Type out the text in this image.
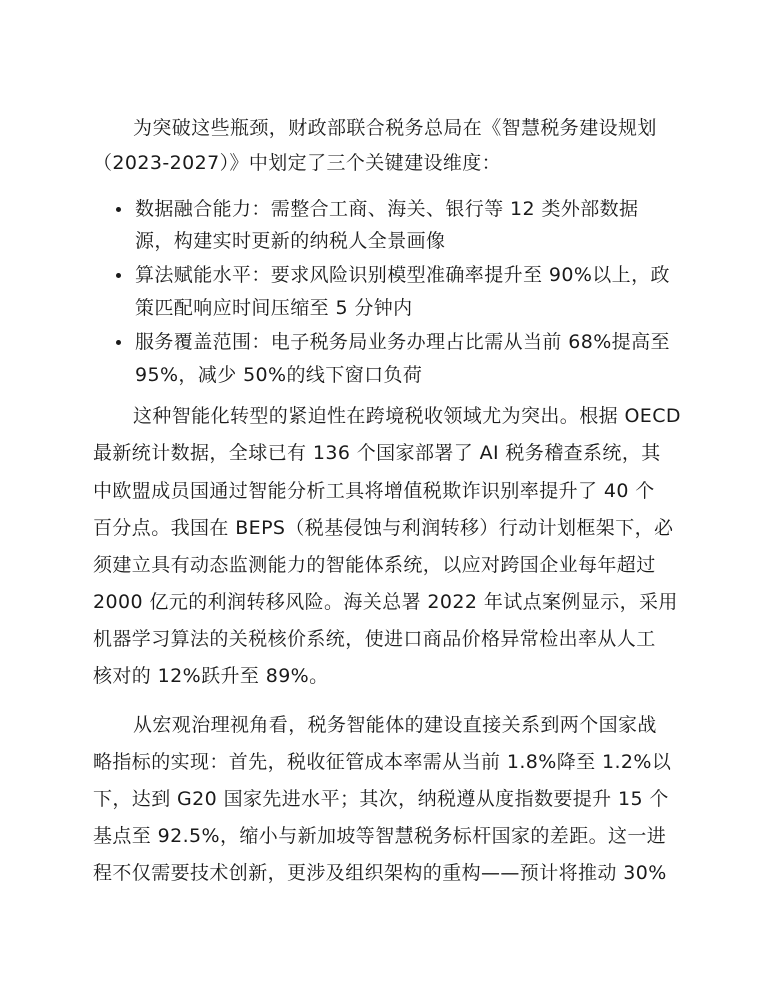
为突破这些瓶颈，财政部联合税务总局在《智慧税务建设规划
（2023-2027）》中划定了三个关键建设维度：
数据融合能力：需整合工商、海关、银行等 12 类外部数据
源，构建实时更新的纳税人全景画像
算法赋能水平：要求风险识别模型准确率提升至 90%以上，政
策匹配响应时间压缩至 5 分钟内
服务覆盖范围：电子税务局业务办理占比需从当前 68%提高至
95%，减少 50%的线下窗口负荷
这种智能化转型的紧迫性在跨境税收领域尤为突出。根据 OECD
最新统计数据，全球已有 136 个国家部署了 AI 税务稽查系统，其
中欧盟成员国通过智能分析工具将增值税欺诈识别率提升了 40 个
百分点。我国在 BEPS（税基侵蚀与利润转移）行动计划框架下，必
须建立具有动态监测能力的智能体系统，以应对跨国企业每年超过
2000 亿元的利润转移风险。海关总署 2022 年试点案例显示，采用
机器学习算法的关税核价系统，使进口商品价格异常检出率从人工
核对的 12%跃升至 89%。
从宏观治理视角看，税务智能体的建设直接关系到两个国家战
略指标的实现：首先，税收征管成本率需从当前 1.8%降至 1.2%以
下，达到 G20 国家先进水平；其次，纳税遵从度指数要提升 15 个
基点至 92.5%，缩小与新加坡等智慧税务标杆国家的差距。这一进
程不仅需要技术创新，更涉及组织架构的重构——预计将推动 30%
